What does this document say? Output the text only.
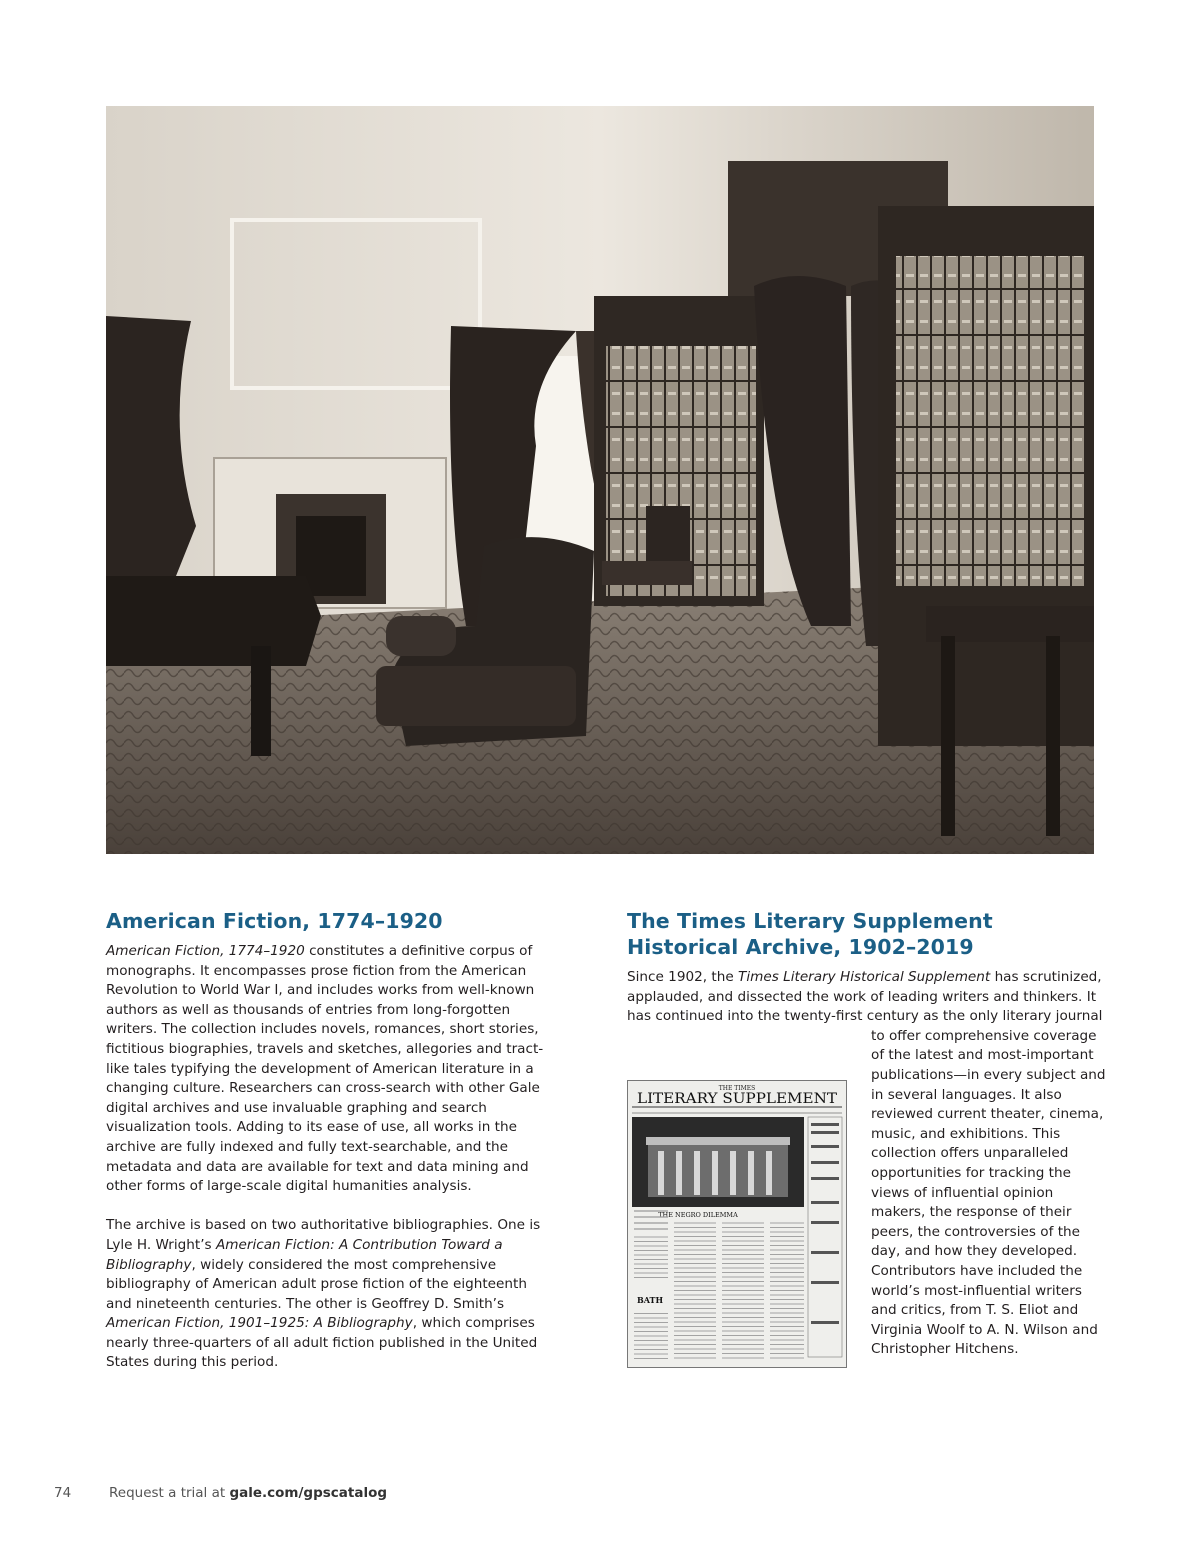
American Fiction, 1774–1920

American Fiction, 1774–1920 constitutes a definitive corpus of monographs. It encompasses prose fiction from the American Revolution to World War I, and includes works from well-known authors as well as thousands of entries from long-forgotten writers. The collection includes novels, romances, short stories, fictitious biographies, travels and sketches, allegories and tract-like tales typifying the development of American literature in a changing culture. Researchers can cross-search with other Gale digital archives and use invaluable graphing and search visualization tools. Adding to its ease of use, all works in the archive are fully indexed and fully text-searchable, and the metadata and data are available for text and data mining and other forms of large-scale digital humanities analysis.

The archive is based on two authoritative bibliographies. One is Lyle H. Wright’s American Fiction: A Contribution Toward a Bibliography, widely considered the most comprehensive bibliography of American adult prose fiction of the eighteenth and nineteenth centuries. The other is Geoffrey D. Smith’s American Fiction, 1901–1925: A Bibliography, which comprises nearly three-quarters of all adult fiction published in the United States during this period.

The Times Literary Supplement Historical Archive, 1902–2019

Since 1902, the Times Literary Historical Supplement has scrutinized, applauded, and dissected the work of leading writers and thinkers. It has continued into the twenty-first century as the only literary journal to offer comprehensive coverage of the latest and most-important publications—in every subject and in several languages. It also reviewed current theater, cinema, music, and exhibitions. This collection offers unparalleled opportunities for tracking the views of influential opinion makers, the response of their peers, the controversies of the day, and how they developed. Contributors have included the world’s most-influential writers and critics, from T. S. Eliot and Virginia Woolf to A. N. Wilson and Christopher Hitchens.

THE TIMES
LITERARY SUPPLEMENT
THE NEGRO DILEMMA
BATH
74	Request a trial at gale.com/gpscatalog
